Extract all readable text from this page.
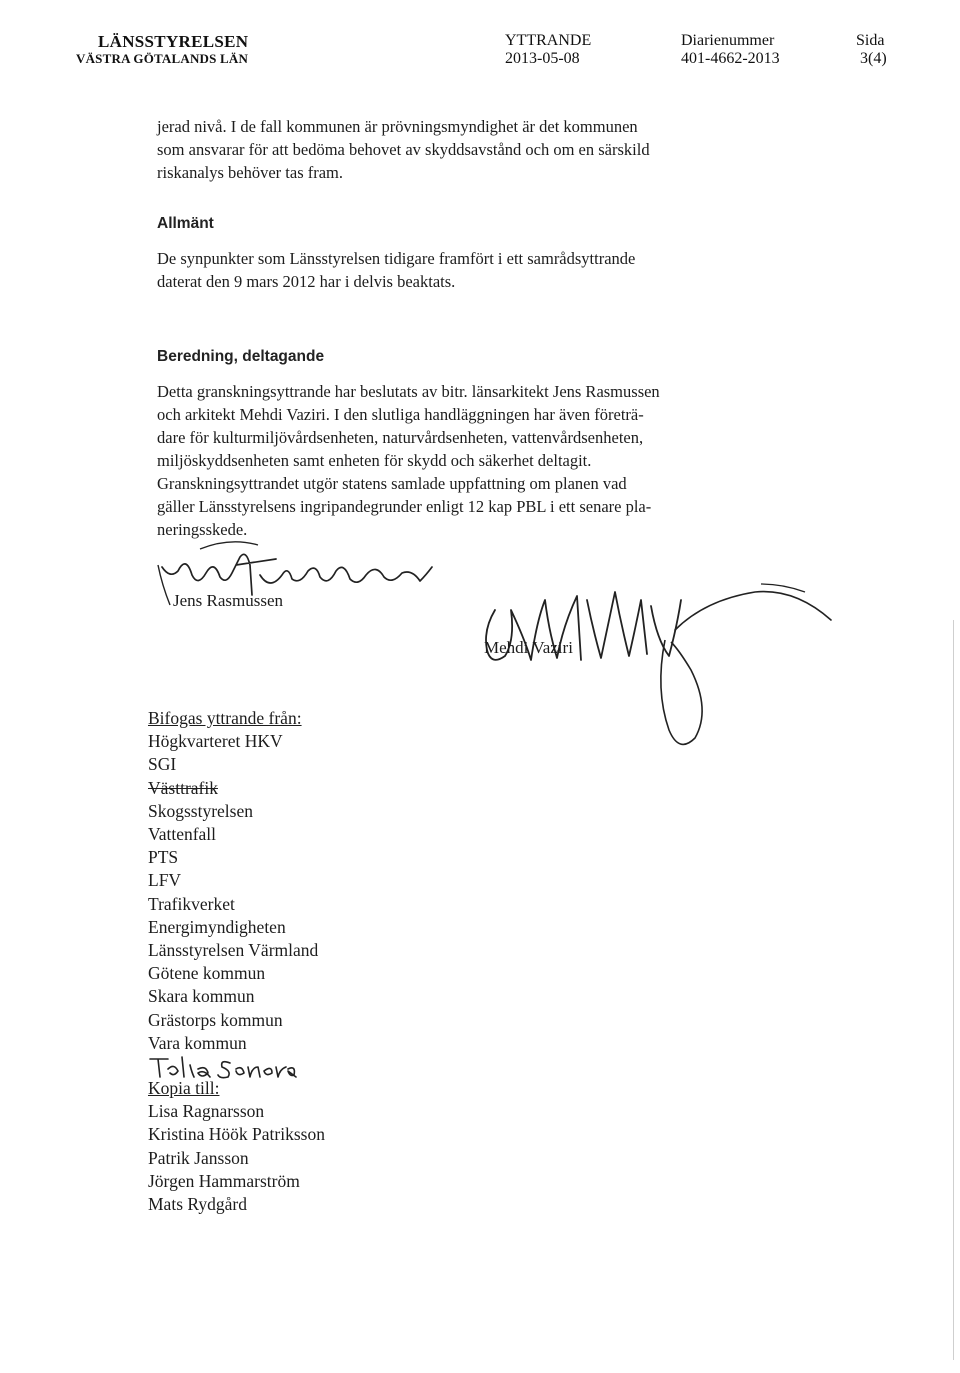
LÄNSSTYRELSEN
VÄSTRA GÖTALANDS LÄN
YTTRANDE
2013-05-08
Diarienummer
401-4662-2013
Sida
3(4)
jerad nivå. I de fall kommunen är prövningsmyndighet är det kommunen
som ansvarar för att bedöma behovet av skyddsavstånd och om en särskild
riskanalys behöver tas fram.
Allmänt
De synpunkter som Länsstyrelsen tidigare framfört i ett samrådsyttrande
daterat den 9 mars 2012 har i delvis beaktats.
Beredning, deltagande
Detta granskningsyttrande har beslutats av bitr. länsarkitekt Jens Rasmussen
och arkitekt Mehdi Vaziri. I den slutliga handläggningen har även företrä-
dare för kulturmiljövårdsenheten, naturvårdsenheten, vattenvårdsenheten,
miljöskyddsenheten samt enheten för skydd och säkerhet deltagit.
Granskningsyttrandet utgör statens samlade uppfattning om planen vad
gäller Länsstyrelsens ingripandegrunder enligt 12 kap PBL i ett senare pla-
neringsskede.
Jens Rasmussen
Mehdi Vaziri
Bifogas yttrande från:
Högkvarteret HKV
SGI
Västtrafik
Skogsstyrelsen
Vattenfall
PTS
LFV
Trafikverket
Energimyndigheten
Länsstyrelsen Värmland
Götene kommun
Skara kommun
Grästorps kommun
Vara kommun
Kopia till:
Lisa Ragnarsson
Kristina Höök Patriksson
Patrik Jansson
Jörgen Hammarström
Mats Rydgård
